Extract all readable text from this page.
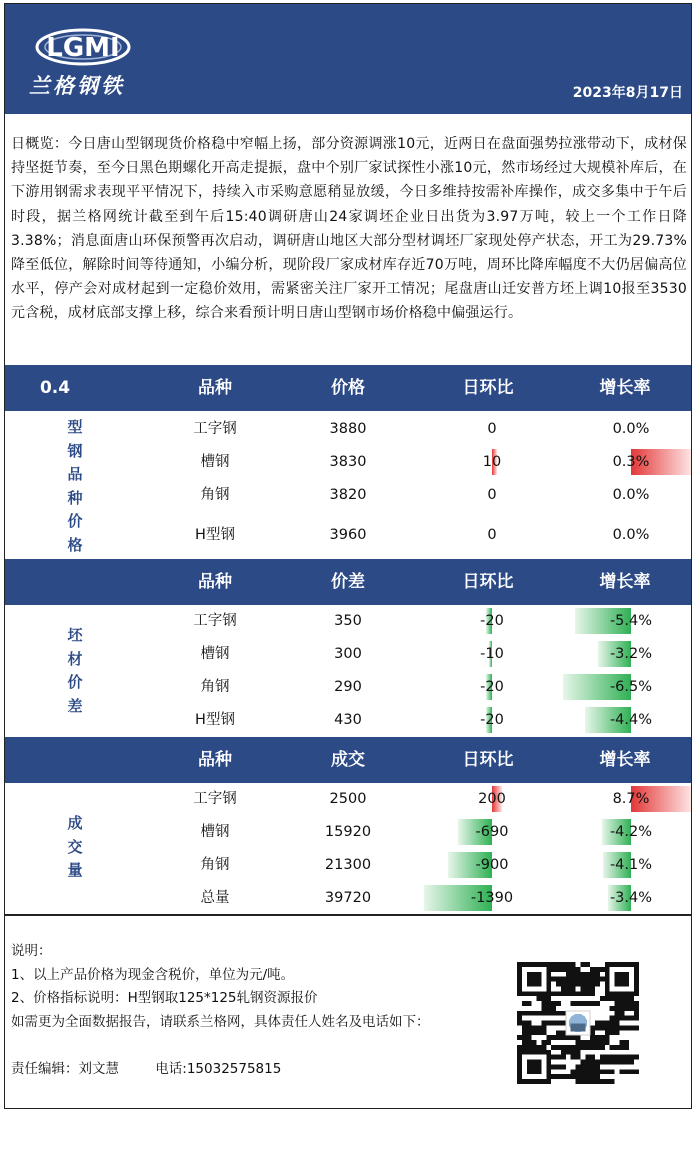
LGMI
兰格钢铁	2023年8月17日
日概览：今日唐山型钢现货价格稳中窄幅上扬，部分资源调涨10元，近两日在盘面强势拉涨带动下，成材保持坚挺节奏，至今日黑色期螺化开高走提振，盘中个别厂家试探性小涨10元，然市场经过大规模补库后，在下游用钢需求表现平平情况下，持续入市采购意愿稍显放缓，今日多维持按需补库操作，成交多集中于午后时段，据兰格网统计截至到午后15:40调研唐山24家调坯企业日出货为3.97万吨，较上一个工作日降3.38%；消息面唐山环保预警再次启动，调研唐山地区大部分型材调坯厂家现处停产状态，开工为29.73%降至低位，解除时间等待通知，小编分析，现阶段厂家成材库存近70万吨，周环比降库幅度不大仍居偏高位水平，停产会对成材起到一定稳价效用，需紧密关注厂家开工情况；尾盘唐山迁安普方坯上调10报至3530元含税，成材底部支撑上移，综合来看预计明日唐山型钢市场价格稳中偏强运行。
0.4	品种	价格	日环比	增长率
型
钢
品
种
价
格
工字钢	3880	0	0.0%
槽钢	3830	10	0.3%
角钢	3820	0	0.0%
H型钢	3960	0	0.0%
品种	价差	日环比	增长率
坯
材
价
差
工字钢	350	-20	-5.4%
槽钢	300	-10	-3.2%
角钢	290	-20	-6.5%
H型钢	430	-20	-4.4%
品种	成交	日环比	增长率
成
交
量
工字钢	2500	200	8.7%
槽钢	15920	-690	-4.2%
角钢	21300	-900	-4.1%
总量	39720	-1390	-3.4%
说明：
1、以上产品价格为现金含税价，单位为元/吨。
2、价格指标说明：H型钢取125*125轧钢资源报价
如需更为全面数据报告，请联系兰格网，具体责任人姓名及电话如下：
责任编辑：刘文慧	电话:15032575815
